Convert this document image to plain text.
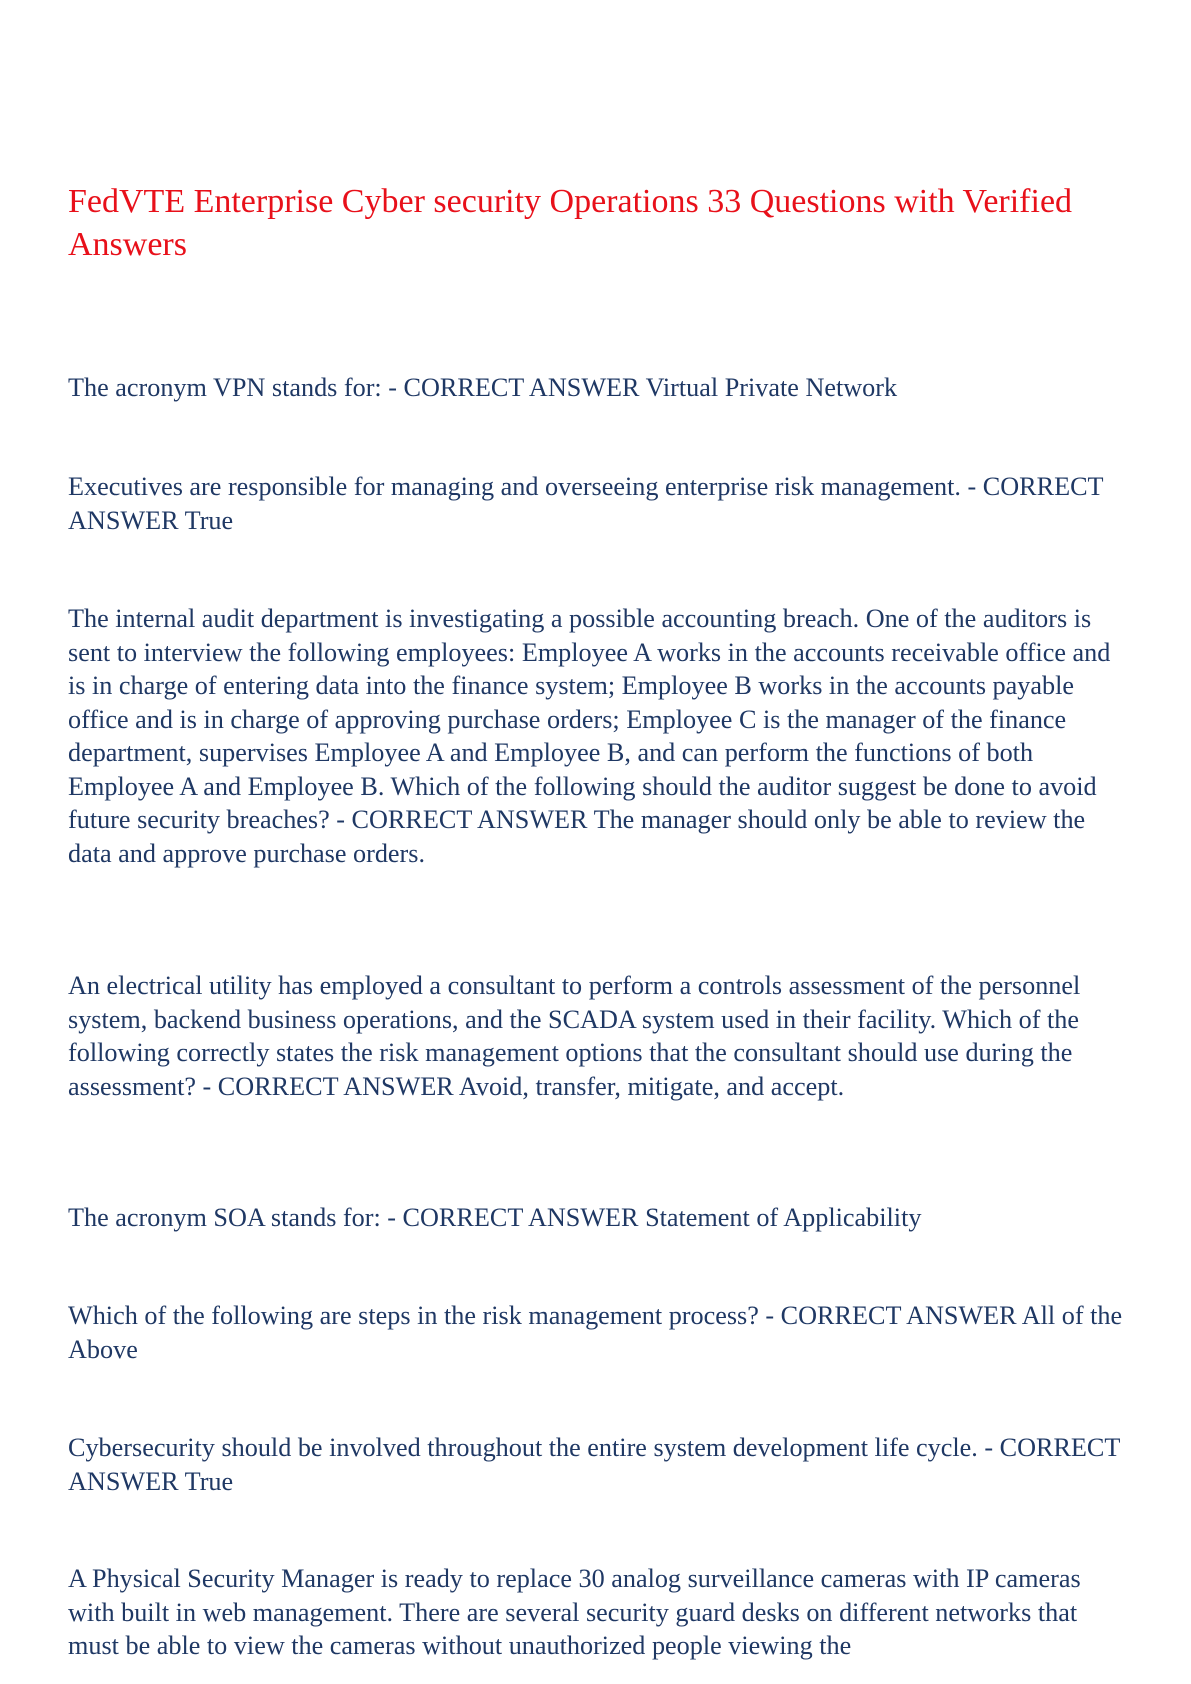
FedVTE Enterprise Cyber security Operations 33 Questions with Verified Answers

The acronym VPN stands for: - CORRECT ANSWER Virtual Private Network

Executives are responsible for managing and overseeing enterprise risk management. - CORRECT ANSWER True

The internal audit department is investigating a possible accounting breach. One of the auditors is sent to interview the following employees: Employee A works in the accounts receivable office and is in charge of entering data into the finance system; Employee B works in the accounts payable office and is in charge of approving purchase orders; Employee C is the manager of the finance department, supervises Employee A and Employee B, and can perform the functions of both Employee A and Employee B. Which of the following should the auditor suggest be done to avoid future security breaches? - CORRECT ANSWER The manager should only be able to review the data and approve purchase orders.

An electrical utility has employed a consultant to perform a controls assessment of the personnel system, backend business operations, and the SCADA system used in their facility. Which of the following correctly states the risk management options that the consultant should use during the assessment? - CORRECT ANSWER Avoid, transfer, mitigate, and accept.

The acronym SOA stands for: - CORRECT ANSWER Statement of Applicability

Which of the following are steps in the risk management process? - CORRECT ANSWER All of the Above

Cybersecurity should be involved throughout the entire system development life cycle. - CORRECT ANSWER True

A Physical Security Manager is ready to replace 30 analog surveillance cameras with IP cameras with built in web management. There are several security guard desks on different networks that must be able to view the cameras without unauthorized people viewing the
